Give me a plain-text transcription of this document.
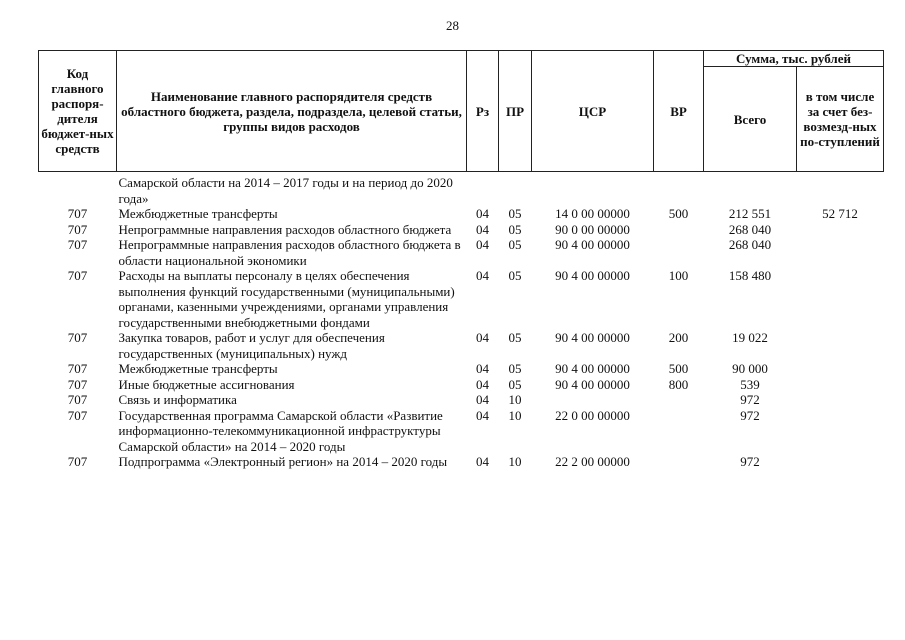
28
Код главного распоря-дителя бюджет-ных средств	Наименование главного распорядителя средств областного бюджета, раздела, подраздела, целевой статьи, группы видов расходов	Рз	ПР	ЦСР	ВР	Сумма, тыс. рублей	
						Всего	в том числе за счет без-возмезд-ных по-ступлений
	Самарской области на 2014 – 2017 годы и на период до 2020 года»						
707	Межбюджетные трансферты	04	05	14 0 00 00000	500	212 551	52 712
707	Непрограммные направления расходов областного бюджета	04	05	90 0 00 00000		268 040	
707	Непрограммные направления расходов областного бюджета в области национальной экономики	04	05	90 4 00 00000		268 040	
707	Расходы на выплаты персоналу в целях обеспечения выполнения функций государственными (муниципальными) органами, казенными учреждениями, органами управления государственными внебюджетными фондами	04	05	90 4 00 00000	100	158 480	
707	Закупка товаров, работ и услуг для обеспечения государственных (муниципальных) нужд	04	05	90 4 00 00000	200	19 022	
707	Межбюджетные трансферты	04	05	90 4 00 00000	500	90 000	
707	Иные бюджетные ассигнования	04	05	90 4 00 00000	800	539	
707	Связь и информатика	04	10			972	
707	Государственная программа Самарской области «Развитие информационно-телекоммуникационной инфраструктуры Самарской области» на 2014 – 2020 годы	04	10	22 0 00 00000		972	
707	Подпрограмма «Электронный регион» на 2014 – 2020 годы	04	10	22 2 00 00000		972	
